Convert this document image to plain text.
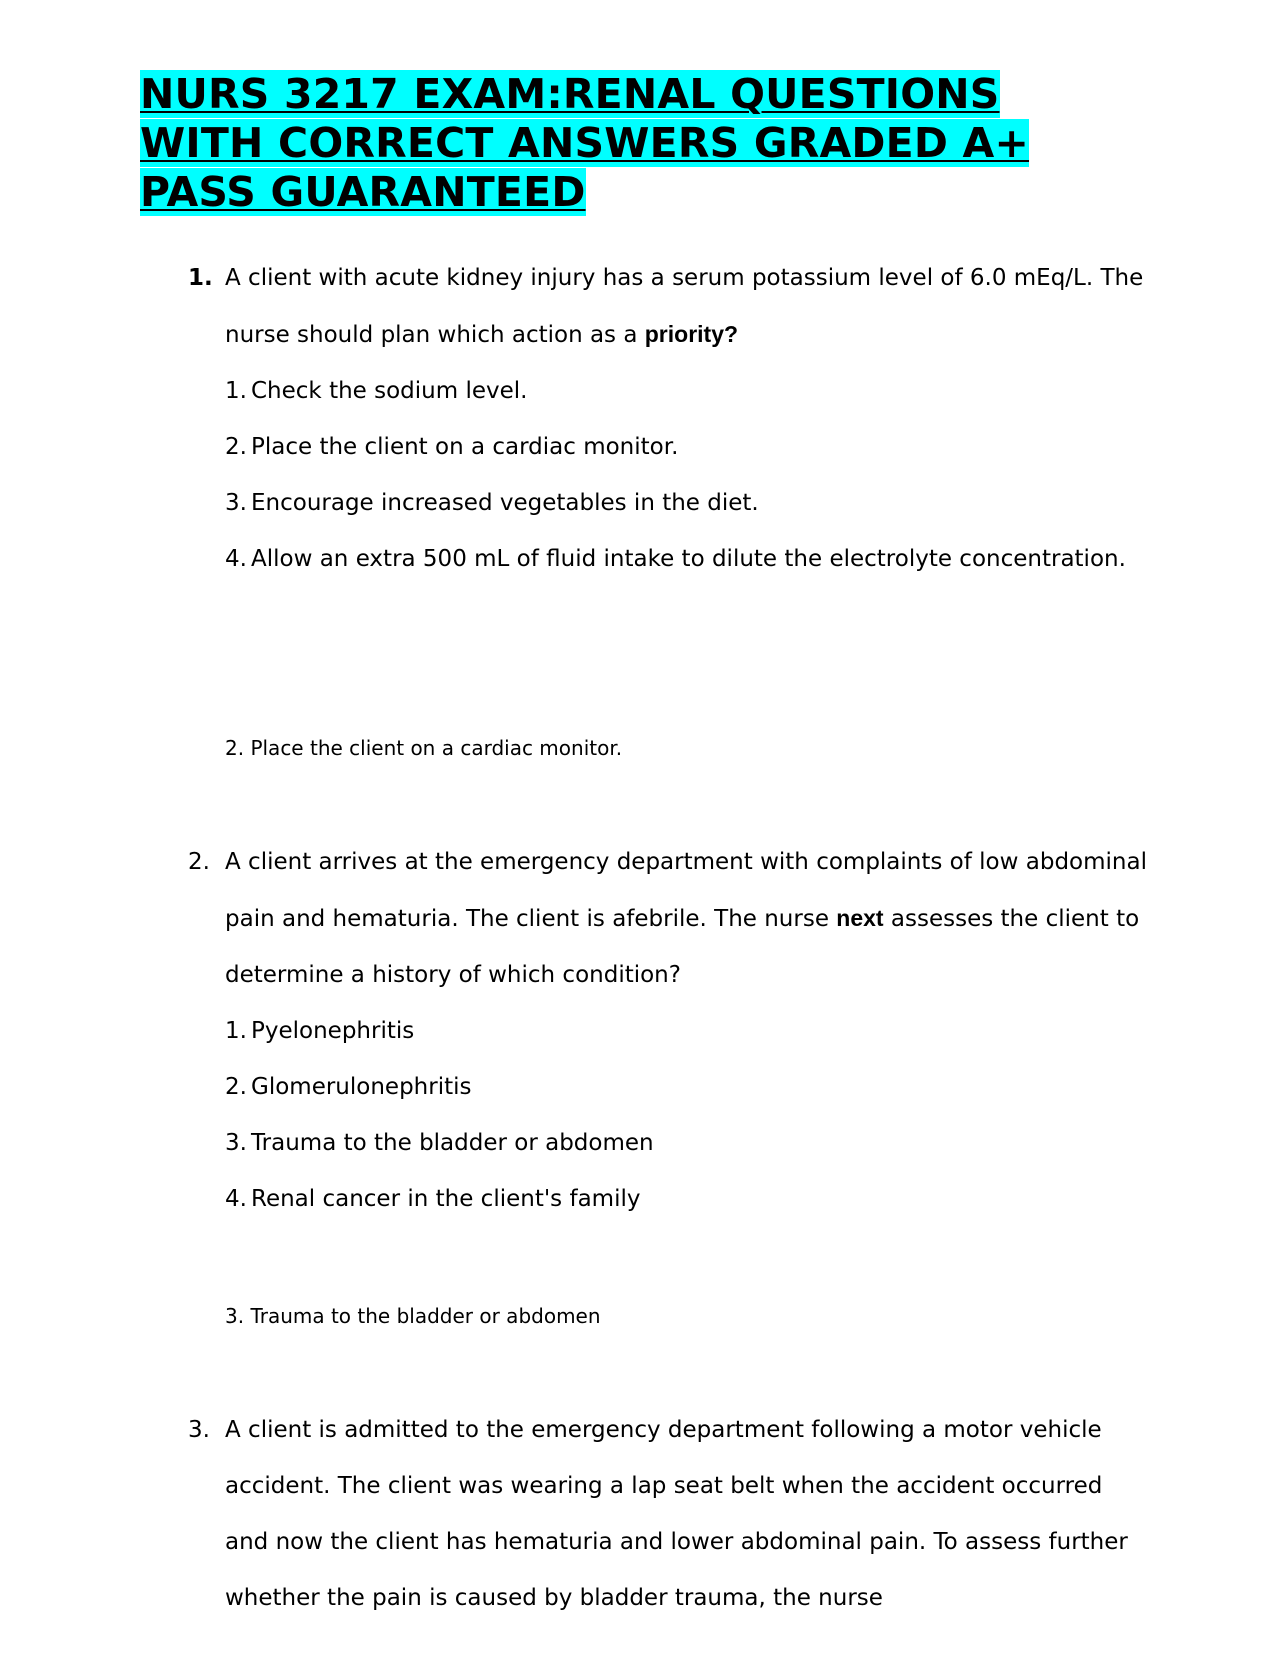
NURS 3217 EXAM:RENAL QUESTIONS
WITH CORRECT ANSWERS GRADED A+
PASS GUARANTEED
1. A client with acute kidney injury has a serum potassium level of 6.0 mEq/L. The nurse should plan which action as a priority?
1. Check the sodium level.
2. Place the client on a cardiac monitor.
3. Encourage increased vegetables in the diet.
4. Allow an extra 500 mL of fluid intake to dilute the electrolyte concentration.
2. Place the client on a cardiac monitor.
2. A client arrives at the emergency department with complaints of low abdominal pain and hematuria. The client is afebrile. The nurse next assesses the client to determine a history of which condition?
1. Pyelonephritis
2. Glomerulonephritis
3. Trauma to the bladder or abdomen
4. Renal cancer in the client's family
3. Trauma to the bladder or abdomen
3. A client is admitted to the emergency department following a motor vehicle accident. The client was wearing a lap seat belt when the accident occurred and now the client has hematuria and lower abdominal pain. To assess further whether the pain is caused by bladder trauma, the nurse
